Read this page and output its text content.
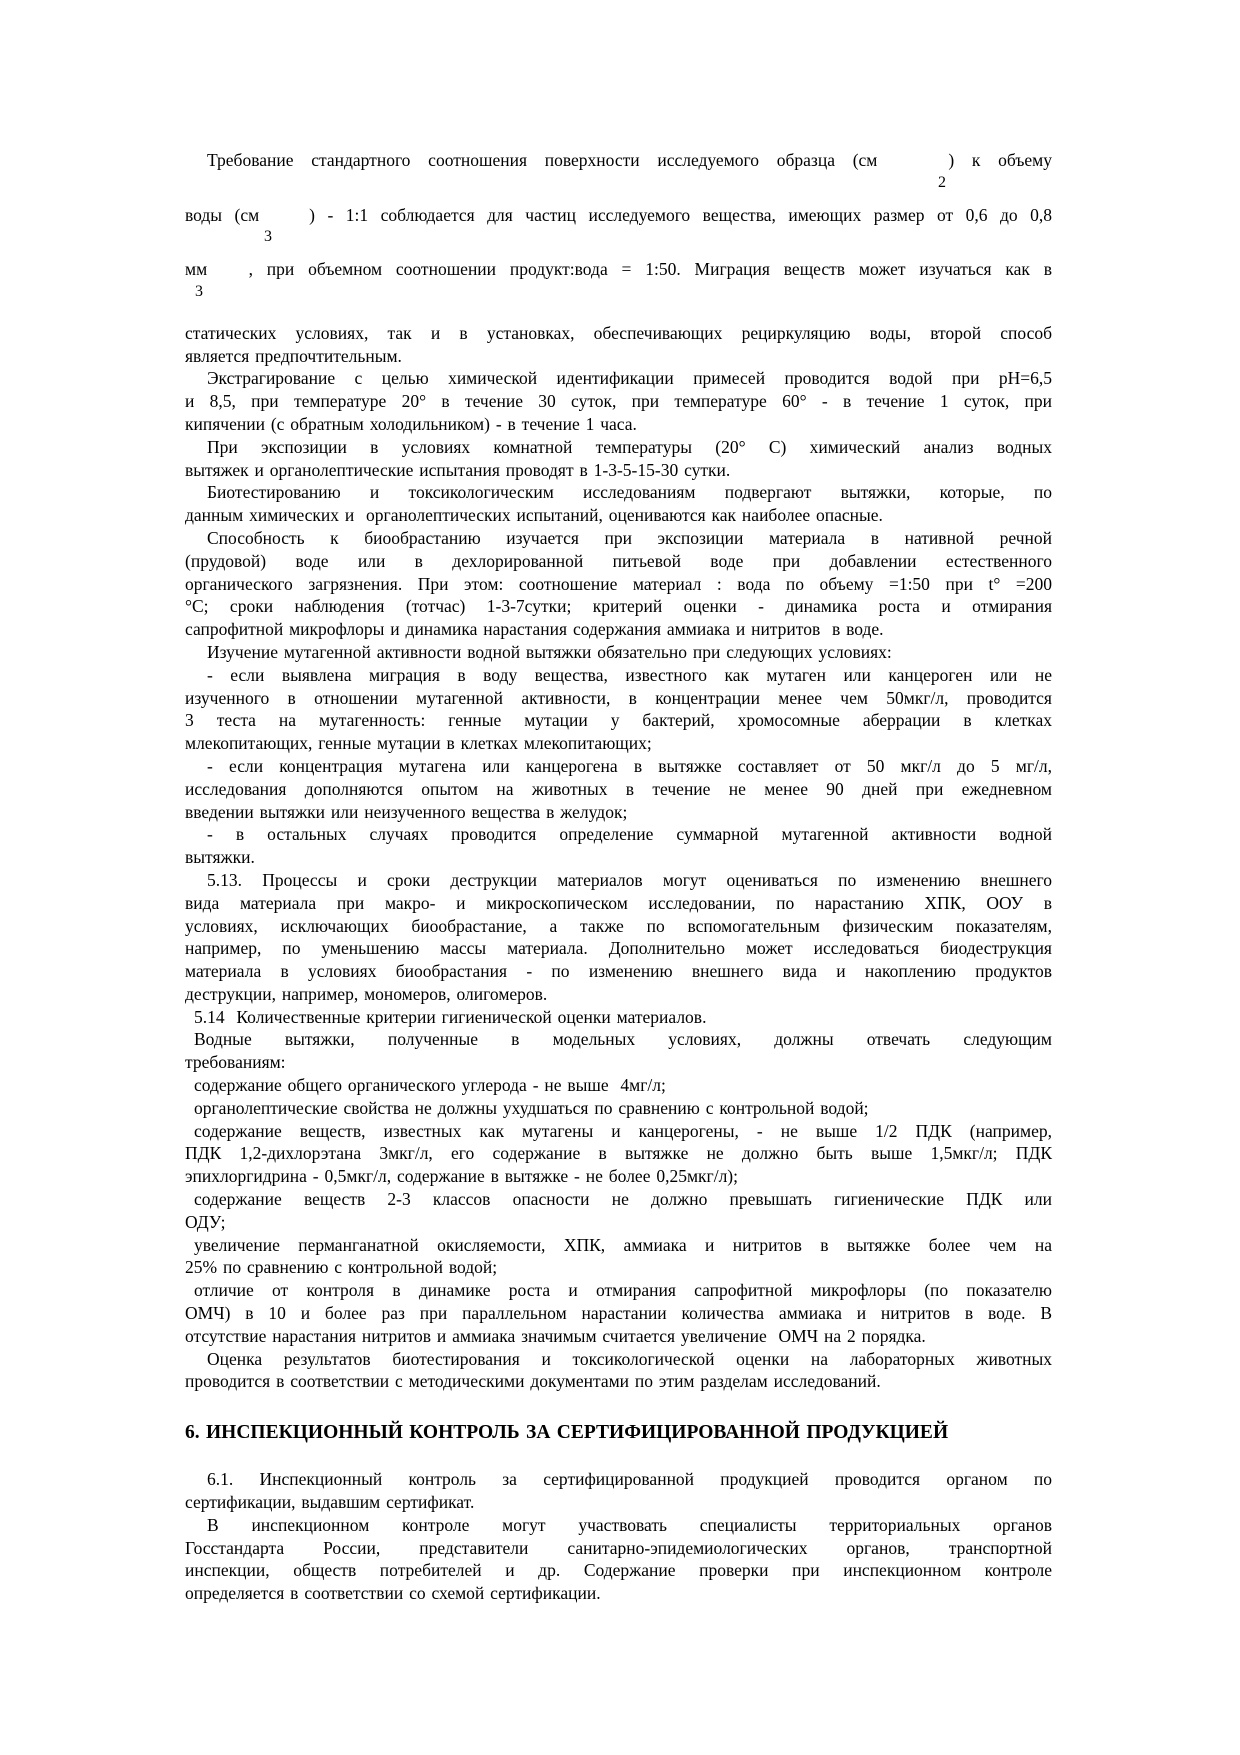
Требование стандартного соотношения поверхности исследуемого образца (см    ) к объему
2
воды (см    ) - 1:1 соблюдается для частиц исследуемого вещества, имеющих размер от 0,6 до 0,8
3
мм   , при объемном соотношении продукт:вода = 1:50. Миграция веществ может изучаться как в
3
статических условиях, так и в установках, обеспечивающих рециркуляцию воды, второй способ
является предпочтительным.
Экстрагирование с целью химической идентификации примесей проводится водой при pH=6,5
и 8,5, при температуре 20° в течение 30 суток, при температуре 60° - в течение 1 суток, при
кипячении (с обратным холодильником) - в течение 1 часа.
При экспозиции в условиях комнатной температуры (20° С) химический анализ водных
вытяжек и органолептические испытания проводят в 1-3-5-15-30 сутки.
Биотестированию и токсикологическим исследованиям подвергают вытяжки, которые, по
данным химических и  органолептических испытаний, оцениваются как наиболее опасные.
Способность к биообрастанию изучается при экспозиции материала в нативной речной
(прудовой) воде или в дехлорированной питьевой воде при добавлении естественного
органического загрязнения. При этом: соотношение материал : вода по объему =1:50 при t° =200
°С; сроки наблюдения (тотчас) 1-3-7сутки; критерий оценки - динамика роста и отмирания
сапрофитной микрофлоры и динамика нарастания содержания аммиака и нитритов  в воде.
Изучение мутагенной активности водной вытяжки обязательно при следующих условиях:
- если выявлена миграция в воду вещества, известного как мутаген или канцероген или не
изученного в отношении мутагенной активности, в концентрации менее чем 50мкг/л, проводится
3 теста на мутагенность: генные мутации у бактерий, хромосомные аберрации в клетках
млекопитающих, генные мутации в клетках млекопитающих;
- если концентрация мутагена или канцерогена в вытяжке составляет от 50 мкг/л до 5 мг/л,
исследования дополняются опытом на животных в течение не менее 90 дней при ежедневном
введении вытяжки или неизученного вещества в желудок;
- в остальных случаях проводится определение суммарной мутагенной активности водной
вытяжки.
5.13. Процессы и сроки деструкции материалов могут оцениваться по изменению внешнего
вида материала при макро- и микроскопическом исследовании, по нарастанию ХПК, ООУ в
условиях, исключающих биообрастание, а также по вспомогательным физическим показателям,
например, по уменьшению массы материала. Дополнительно может исследоваться биодеструкция
материала в условиях биообрастания - по изменению внешнего вида и накоплению продуктов
деструкции, например, мономеров, олигомеров.
5.14  Количественные критерии гигиенической оценки материалов.
Водные вытяжки, полученные в модельных условиях, должны отвечать следующим
требованиям:
содержание общего органического углерода - не выше  4мг/л;
органолептические свойства не должны ухудшаться по сравнению с контрольной водой;
содержание веществ, известных как мутагены и канцерогены, - не выше 1/2 ПДК (например,
ПДК 1,2-дихлорэтана 3мкг/л, его содержание в вытяжке не должно быть выше 1,5мкг/л; ПДК
эпихлоргидрина - 0,5мкг/л, содержание в вытяжке - не более 0,25мкг/л);
содержание веществ 2-3 классов опасности не должно превышать гигиенические ПДК или
ОДУ;
увеличение перманганатной окисляемости, ХПК, аммиака и нитритов в вытяжке более чем на
25% по сравнению с контрольной водой;
отличие от контроля в динамике роста и отмирания сапрофитной микрофлоры (по показателю
ОМЧ) в 10 и более раз при параллельном нарастании количества аммиака и нитритов в воде. В
отсутствие нарастания нитритов и аммиака значимым считается увеличение  ОМЧ на 2 порядка.
Оценка результатов биотестирования и токсикологической оценки на лабораторных животных
проводится в соответствии с методическими документами по этим разделам исследований.
6. ИНСПЕКЦИОННЫЙ КОНТРОЛЬ ЗА СЕРТИФИЦИРОВАННОЙ ПРОДУКЦИЕЙ
6.1. Инспекционный контроль за сертифицированной продукцией проводится органом по
сертификации, выдавшим сертификат.
В инспекционном контроле могут участвовать специалисты территориальных органов
Госстандарта России, представители санитарно-эпидемиологических органов, транспортной
инспекции, обществ потребителей и др. Содержание проверки при инспекционном контроле
определяется в соответствии со схемой сертификации.
